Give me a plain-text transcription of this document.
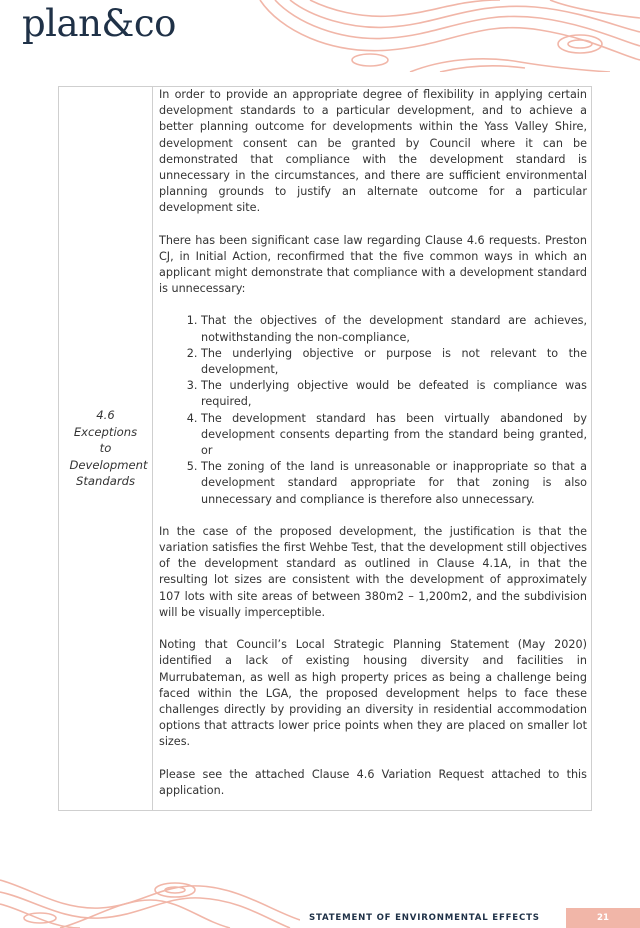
plan&co
4.6
Exceptions to Development Standards

In order to provide an appropriate degree of flexibility in applying certain development standards to a particular development, and to achieve a better planning outcome for developments within the Yass Valley Shire, development consent can be granted by Council where it can be demonstrated that compliance with the development standard is unnecessary in the circumstances, and there are sufficient environmental planning grounds to justify an alternate outcome for a particular development site.

There has been significant case law regarding Clause 4.6 requests. Preston CJ, in Initial Action, reconfirmed that the five common ways in which an applicant might demonstrate that compliance with a development standard is unnecessary:

1. That the objectives of the development standard are achieves, notwithstanding the non-compliance,
2. The underlying objective or purpose is not relevant to the development,
3. The underlying objective would be defeated is compliance was required,
4. The development standard has been virtually abandoned by development consents departing from the standard being granted, or
5. The zoning of the land is unreasonable or inappropriate so that a development standard appropriate for that zoning is also unnecessary and compliance is therefore also unnecessary.

In the case of the proposed development, the justification is that the variation satisfies the first Wehbe Test, that the development still objectives of the development standard as outlined in Clause 4.1A, in that the resulting lot sizes are consistent with the development of approximately 107 lots with site areas of between 380m2 – 1,200m2, and the subdivision will be visually imperceptible.

Noting that Council’s Local Strategic Planning Statement (May 2020) identified a lack of existing housing diversity and facilities in Murrubateman, as well as high property prices as being a challenge being faced within the LGA, the proposed development helps to face these challenges directly by providing an diversity in residential accommodation options that attracts lower price points when they are placed on smaller lot sizes.

Please see the attached Clause 4.6 Variation Request attached to this application.

STATEMENT OF ENVIRONMENTAL EFFECTS	21
